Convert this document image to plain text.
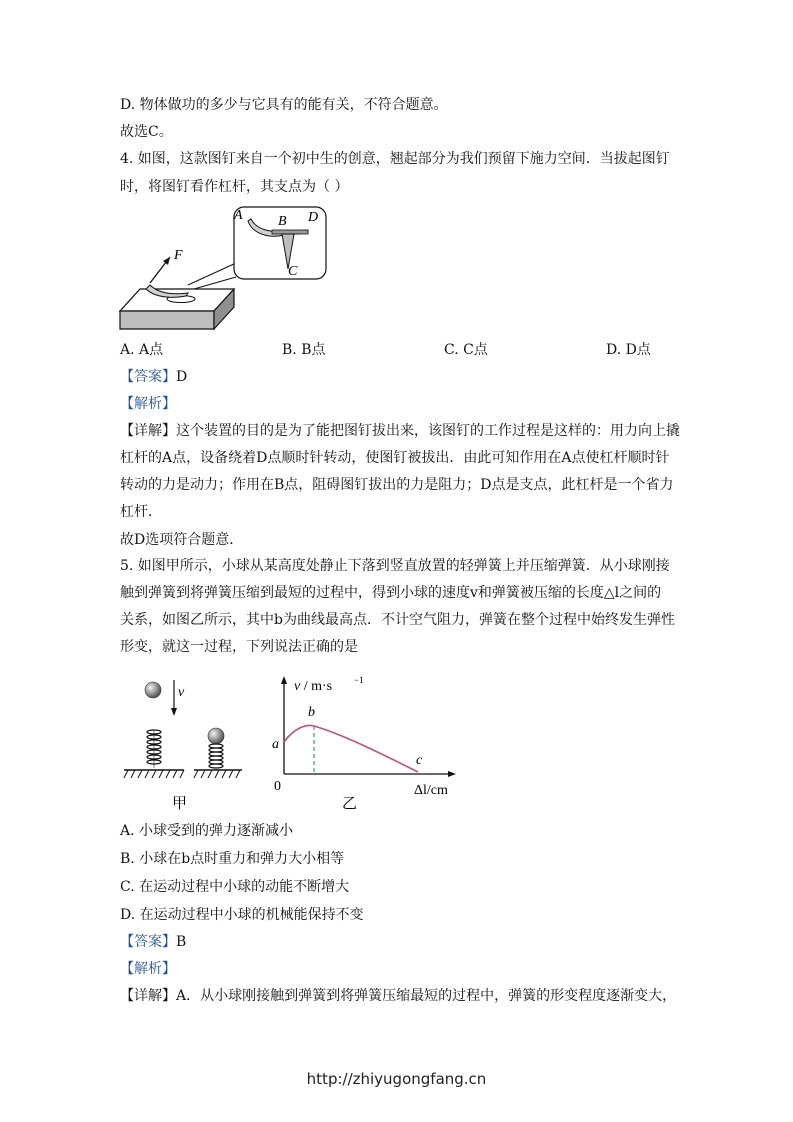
D. 物体做功的多少与它具有的能有关，不符合题意。
故选C。
4. 如图，这款图钉来自一个初中生的创意，翘起部分为我们预留下施力空间．当拔起图钉
时，将图钉看作杠杆，其支点为（ ）
F
A	B D
C
A. A点	B. B点	C. C点	D. D点
【答案】D
【解析】
【详解】这个装置的目的是为了能把图钉拔出来，该图钉的工作过程是这样的：用力向上撬
杠杆的A点，设备绕着D点顺时针转动，使图钉被拔出．由此可知作用在A点使杠杆顺时针
转动的力是动力；作用在B点，阻碍图钉拔出的力是阻力；D点是支点，此杠杆是一个省力
杠杆．
故D选项符合题意．
5. 如图甲所示，小球从某高度处静止下落到竖直放置的轻弹簧上并压缩弹簧．从小球刚接
触到弹簧到将弹簧压缩到最短的过程中，得到小球的速度v和弹簧被压缩的长度△l之间的
关系，如图乙所示，其中b为曲线最高点．不计空气阻力，弹簧在整个过程中始终发生弹性
形变，就这一过程，下列说法正确的是
v
甲
v / m·s −1
Δl/cm
0
a
b
c
乙
A. 小球受到的弹力逐渐减小
B. 小球在b点时重力和弹力大小相等
C. 在运动过程中小球的动能不断增大
D. 在运动过程中小球的机械能保持不变
【答案】B
【解析】
【详解】A．从小球刚接触到弹簧到将弹簧压缩最短的过程中，弹簧的形变程度逐渐变大，
http://zhiyugongfang.cn
